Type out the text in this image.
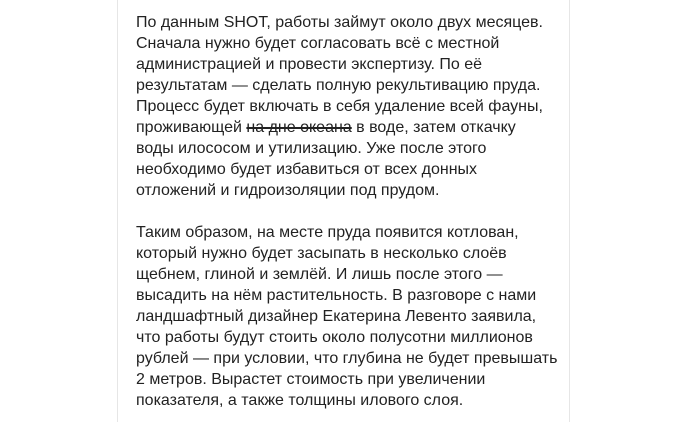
По данным SHOT, работы займут около двух месяцев.
Сначала нужно будет согласовать всё с местной
администрацией и провести экспертизу. По её
результатам — сделать полную рекультивацию пруда.
Процесс будет включать в себя удаление всей фауны,
проживающей на дне океана в воде, затем откачку
воды илососом и утилизацию. Уже после этого
необходимо будет избавиться от всех донных
отложений и гидроизоляции под прудом.

Таким образом, на месте пруда появится котлован,
который нужно будет засыпать в несколько слоёв
щебнем, глиной и землёй. И лишь после этого —
высадить на нём растительность. В разговоре с нами
ландшафтный дизайнер Екатерина Левенто заявила,
что работы будут стоить около полусотни миллионов
рублей — при условии, что глубина не будет превышать
2 метров. Вырастет стоимость при увеличении
показателя, а также толщины илового слоя.
